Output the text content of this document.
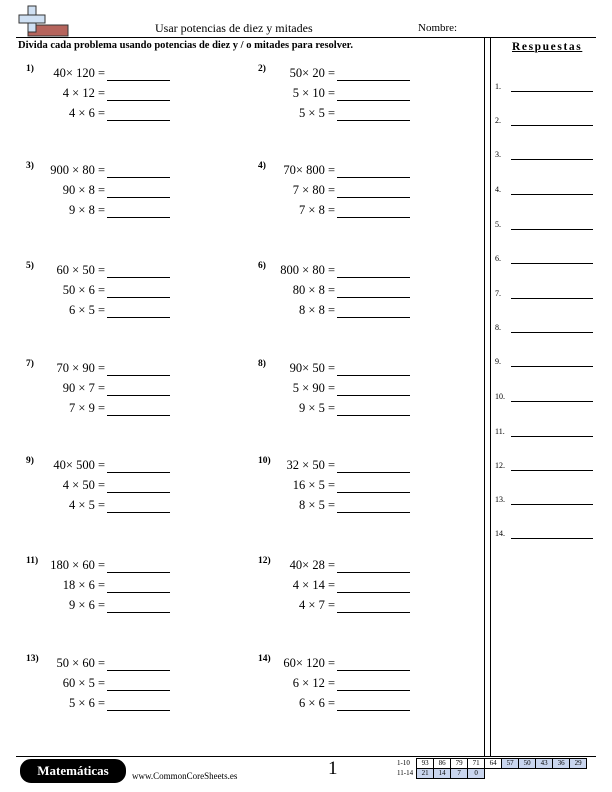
Usar potencias de diez y mitades	Nombre:
Divida cada problema usando potencias de diez y / o mitades para resolver.	Respuestas
1.
2.
3.
4.
5.
6.
7.
8.
9.
10.
11.
12.
13.
14.
1) 40× 120 =
4 × 12 =
4 × 6 =
2) 50× 20 =
5 × 10 =
5 × 5 =
3) 900 × 80 =
90 × 8 =
9 × 8 =
4) 70× 800 =
7 × 80 =
7 × 8 =
5) 60 × 50 =
50 × 6 =
6 × 5 =
6) 800 × 80 =
80 × 8 =
8 × 8 =
7) 70 × 90 =
90 × 7 =
7 × 9 =
8) 90× 50 =
5 × 90 =
9 × 5 =
9) 40× 500 =
4 × 50 =
4 × 5 =
10) 32 × 50 =
16 × 5 =
8 × 5 =
11) 180 × 60 =
18 × 6 =
9 × 6 =
12) 40× 28 =
4 × 14 =
4 × 7 =
13) 50 × 60 =
60 × 5 =
5 × 6 =
14) 60× 120 =
6 × 12 =
6 × 6 =
Matemáticas	www.CommonCoreSheets.es	1	1-10	93	86	79	71	64	57	50	43	36	29
11-14	21	14	7	0						
